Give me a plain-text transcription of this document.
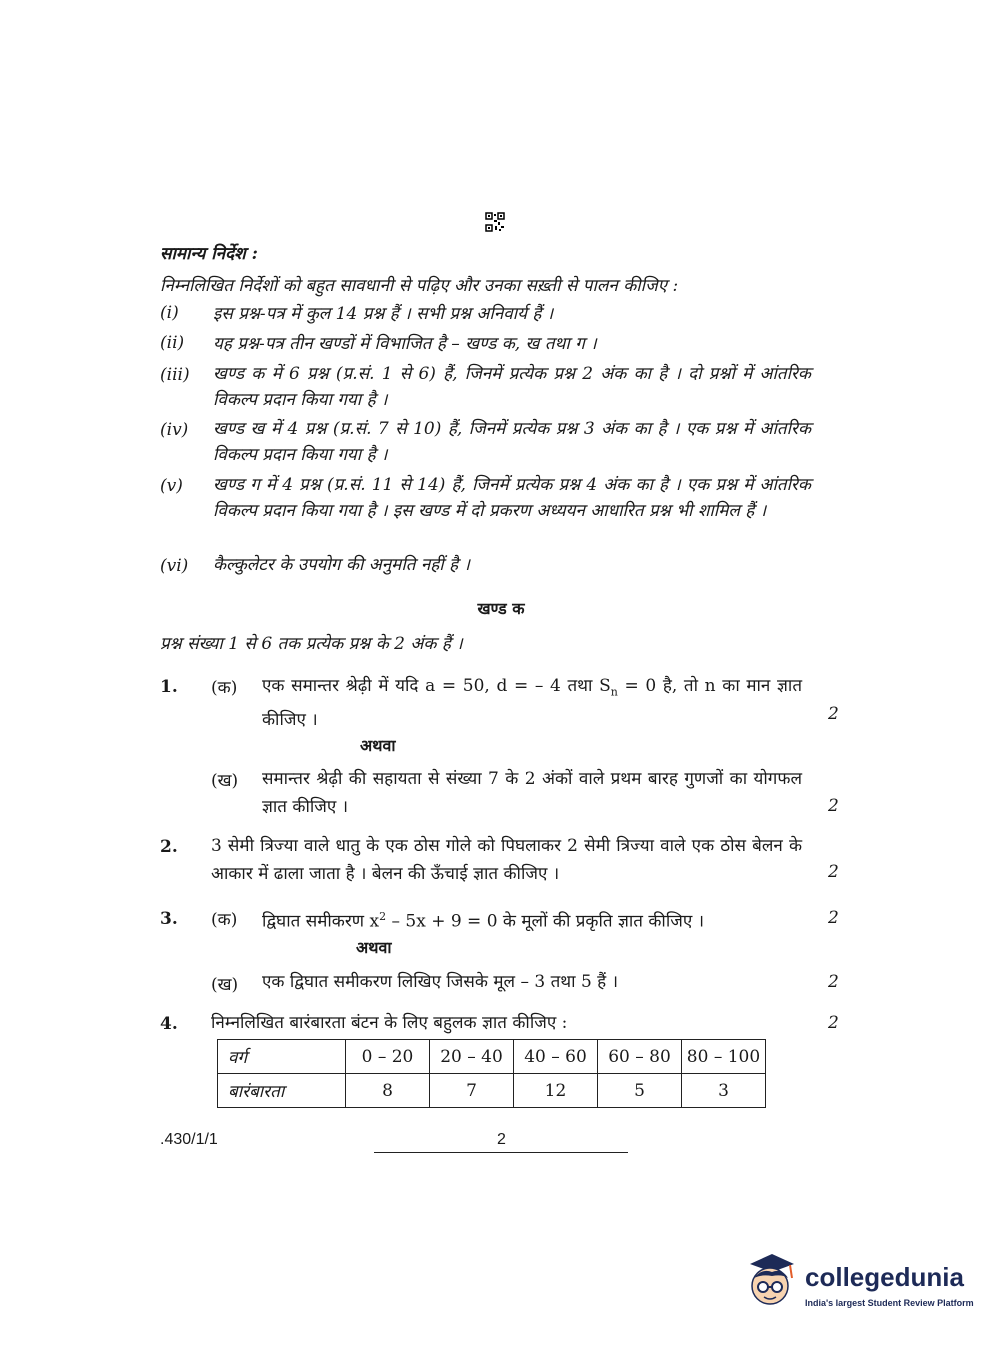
सामान्य निर्देश :
निम्नलिखित निर्देशों को बहुत सावधानी से पढ़िए और उनका सख़्ती से पालन कीजिए :
(i) इस प्रश्न-पत्र में कुल 14 प्रश्न हैं । सभी प्रश्न अनिवार्य हैं ।
(ii) यह प्रश्न-पत्र तीन खण्डों में विभाजित है – खण्ड क, ख तथा ग ।
(iii) खण्ड क में 6 प्रश्न (प्र.सं. 1 से 6) हैं, जिनमें प्रत्येक प्रश्न 2 अंक का है । दो प्रश्नों में आंतरिक विकल्प प्रदान किया गया है ।
(iv) खण्ड ख में 4 प्रश्न (प्र.सं. 7 से 10) हैं, जिनमें प्रत्येक प्रश्न 3 अंक का है । एक प्रश्न में आंतरिक विकल्प प्रदान किया गया है ।
(v) खण्ड ग में 4 प्रश्न (प्र.सं. 11 से 14) हैं, जिनमें प्रत्येक प्रश्न 4 अंक का है । एक प्रश्न में आंतरिक विकल्प प्रदान किया गया है । इस खण्ड में दो प्रकरण अध्ययन आधारित प्रश्न भी शामिल हैं ।
(vi) कैल्कुलेटर के उपयोग की अनुमति नहीं है ।
खण्ड क
प्रश्न संख्या 1 से 6 तक प्रत्येक प्रश्न के 2 अंक हैं ।
1. (क) एक समान्तर श्रेढ़ी में यदि a = 50, d = – 4 तथा $S_n = 0$ है, तो n का मान ज्ञात कीजिए ।	2
अथवा
(ख) समान्तर श्रेढ़ी की सहायता से संख्या 7 के 2 अंकों वाले प्रथम बारह गुणजों का योगफल ज्ञात कीजिए ।	2
2. 3 सेमी त्रिज्या वाले धातु के एक ठोस गोले को पिघलाकर 2 सेमी त्रिज्या वाले एक ठोस बेलन के आकार में ढाला जाता है । बेलन की ऊँचाई ज्ञात कीजिए ।	2
3. (क) द्विघात समीकरण $x^2 - 5x + 9 = 0$ के मूलों की प्रकृति ज्ञात कीजिए ।	2
अथवा
(ख) एक द्विघात समीकरण लिखिए जिसके मूल – 3 तथा 5 हैं ।	2
4. निम्नलिखित बारंबारता बंटन के लिए बहुलक ज्ञात कीजिए :	2
वर्ग	0 – 20	20 – 40	40 – 60	60 – 80	80 – 100
बारंबारता	8	7	12	5	3
.430/1/1	2
collegedunia
India's largest Student Review Platform
